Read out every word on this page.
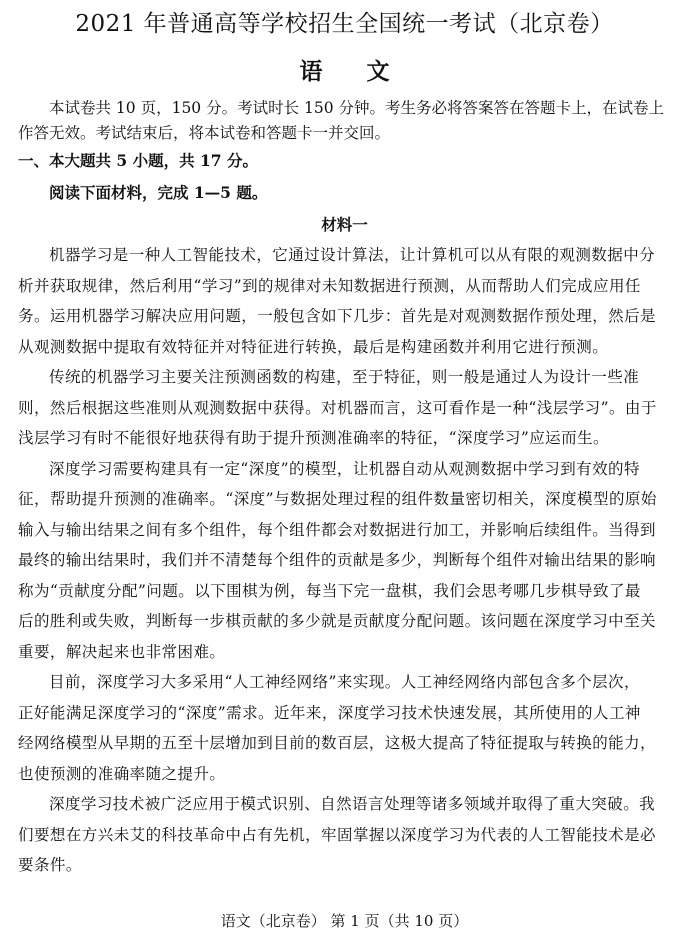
2021 年普通高等学校招生全国统一考试（北京卷）
语 文

本试卷共 10 页，150 分。考试时长 150 分钟。考生务必将答案答在答题卡上，在试卷上

作答无效。考试结束后，将本试卷和答题卡一并交回。

一、本大题共 5 小题，共 17 分。
阅读下面材料，完成 1—5 题。
材料一

机器学习是一种人工智能技术，它通过设计算法，让计算机可以从有限的观测数据中分

析并获取规律，然后利用“学习”到的规律对未知数据进行预测，从而帮助人们完成应用任

务。运用机器学习解决应用问题，一般包含如下几步：首先是对观测数据作预处理，然后是

从观测数据中提取有效特征并对特征进行转换，最后是构建函数并利用它进行预测。

传统的机器学习主要关注预测函数的构建，至于特征，则一般是通过人为设计一些准

则，然后根据这些准则从观测数据中获得。对机器而言，这可看作是一种“浅层学习”。由于

浅层学习有时不能很好地获得有助于提升预测准确率的特征，“深度学习”应运而生。

深度学习需要构建具有一定“深度”的模型，让机器自动从观测数据中学习到有效的特

征，帮助提升预测的准确率。“深度”与数据处理过程的组件数量密切相关，深度模型的原始

输入与输出结果之间有多个组件，每个组件都会对数据进行加工，并影响后续组件。当得到

最终的输出结果时，我们并不清楚每个组件的贡献是多少，判断每个组件对输出结果的影响

称为“贡献度分配”问题。以下围棋为例，每当下完一盘棋，我们会思考哪几步棋导致了最

后的胜利或失败，判断每一步棋贡献的多少就是贡献度分配问题。该问题在深度学习中至关

重要，解决起来也非常困难。

目前，深度学习大多采用“人工神经网络”来实现。人工神经网络内部包含多个层次，

正好能满足深度学习的“深度”需求。近年来，深度学习技术快速发展，其所使用的人工神

经网络模型从早期的五至十层增加到目前的数百层，这极大提高了特征提取与转换的能力，

也使预测的准确率随之提升。

深度学习技术被广泛应用于模式识别、自然语言处理等诸多领域并取得了重大突破。我

们要想在方兴未艾的科技革命中占有先机，牢固掌握以深度学习为代表的人工智能技术是必

要条件。

语文（北京卷） 第 1 页（共 10 页）
